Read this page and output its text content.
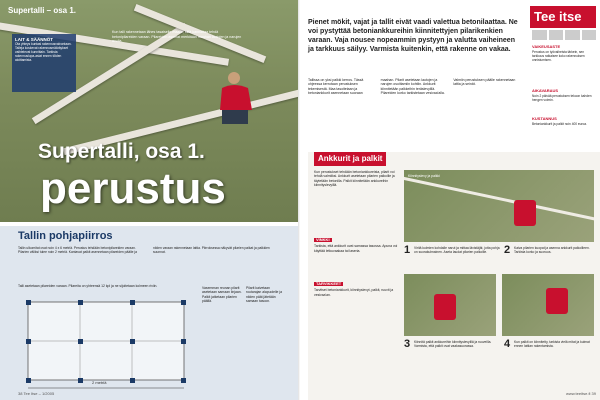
Supertalli – osa 1.
LAIT & SÄÄNNÖT
Ota yhteys kuntasi rakennusvalvontaan. Talleja koskevat rakennusmääräykset vaihtelevat kunnittain. Tarkista rakennuslupa-asiat ennen töiden aloittamista.
Kun talli rakennetaan lähes tasaiselle maalle, siitä kannattaa tehdä betonipilareiden varaan. Pilareiden asemat merkitään maahan lautojen ja narujen avulla.
Supertalli, osa 1.
perustus
Tallin pohjapiirros
Tallin ulkomitat ovat noin 4 x 6 metriä. Perustus tehdään betonipilareiden varaan. Pilarien väliksi tulee noin 2 metriä. Kantavat palkit asennetaan pilareiden päälle ja niiden varaan rakennetaan lattia. Piirroksessa näkyvät pilarien paikat ja palkkien suunnat.
Talli asetetaan pilareiden varaan. Pilareita on yhteensä 12 kpl ja ne sijoitetaan kolmeen riviin.	Vasemman reunan pilarit asetetaan samaan linjaan. Palkit jatketaan pilarien päällä.
Pilarit kaivetaan routarajan alapuolelle ja niiden päät jätetään samaan tasoon.
2 metriä
38 Tee Itse – 1/2005
Pienet mökit, vajat ja tallit eivät vaadi valettua betonilaattaa. Ne voi pystyttää betoniankkureihin kiinnitettyjen pilarikenkien varaan. Vaja nousee nopeammin pystyyn ja valutta vaiheineen ja tarkkuus säilyy. Varmista kuitenkin, että rakenne on vakaa.
Tallissa on yksi palkki kerros. Tässä ohjeessa kerrotaan perustuksen tekemisestä. Maa tasoitetaan ja betoniankkurit asennetaan suoraan maahan. Pilarit asetetaan lautojen ja narujen osoittamiin kohtiin. Ankkurit kiinnitetään palkkeihin teräslevyillä. Pilareiden korko tarkistetaan vesivaa'alla. Valmiin perustuksen päälle rakennetaan lattia ja seinät.
Tee itse
VAIKEUSASTE
Perustus on työvaiheista tärkein, sen tarkkuus ratkaisee koko rakennuksen onnistumisen.
AIKAVARAUS
Noin 2 päivää perustuksen tekoon kahden hengen voimin.
KUSTANNUS
Betoniankkurit ja palkit noin 400 euroa.
Ankkurit ja palkit
Kun perustukset tehdään betoniankkureista, pilarit voi tehdä valmiiksi. Ankkurit asetetaan pilarien paikoille ja täytetään betonilla. Palkit kiinnitetään ankkureihin kiinnityslevyillä.
VINKKI
Tarkista, että ankkurit ovat samassa tasossa. Apuna voi käyttää letkuvaakaa tai laseria.
TARVIKKEET
Tarvitset betoniankkurit, kiinnityslevyt, palkit, ruuvit ja vesivaa'an.
Kiinnityslevy ja palkki
1 Viritä kulmien kohdalle narut ja mittaa lävistäjät, jotta pohja on suorakulmainen. Aseta laudat pilarien paikoille.	2 Kaiva pilarien kuopat ja asenna ankkurit paikoilleen. Tarkista korko ja suoruus.
3 Kiinnitä palkit ankkureihin kiinnityslevyillä ja ruuveilla. Varmista, että palkit ovat vaakasuorassa.	4 Kun palkit on kiinnitetty, tarkista vielä mitat ja kulmat ennen lattian rakentamista.
www.teeitse.fi 39
